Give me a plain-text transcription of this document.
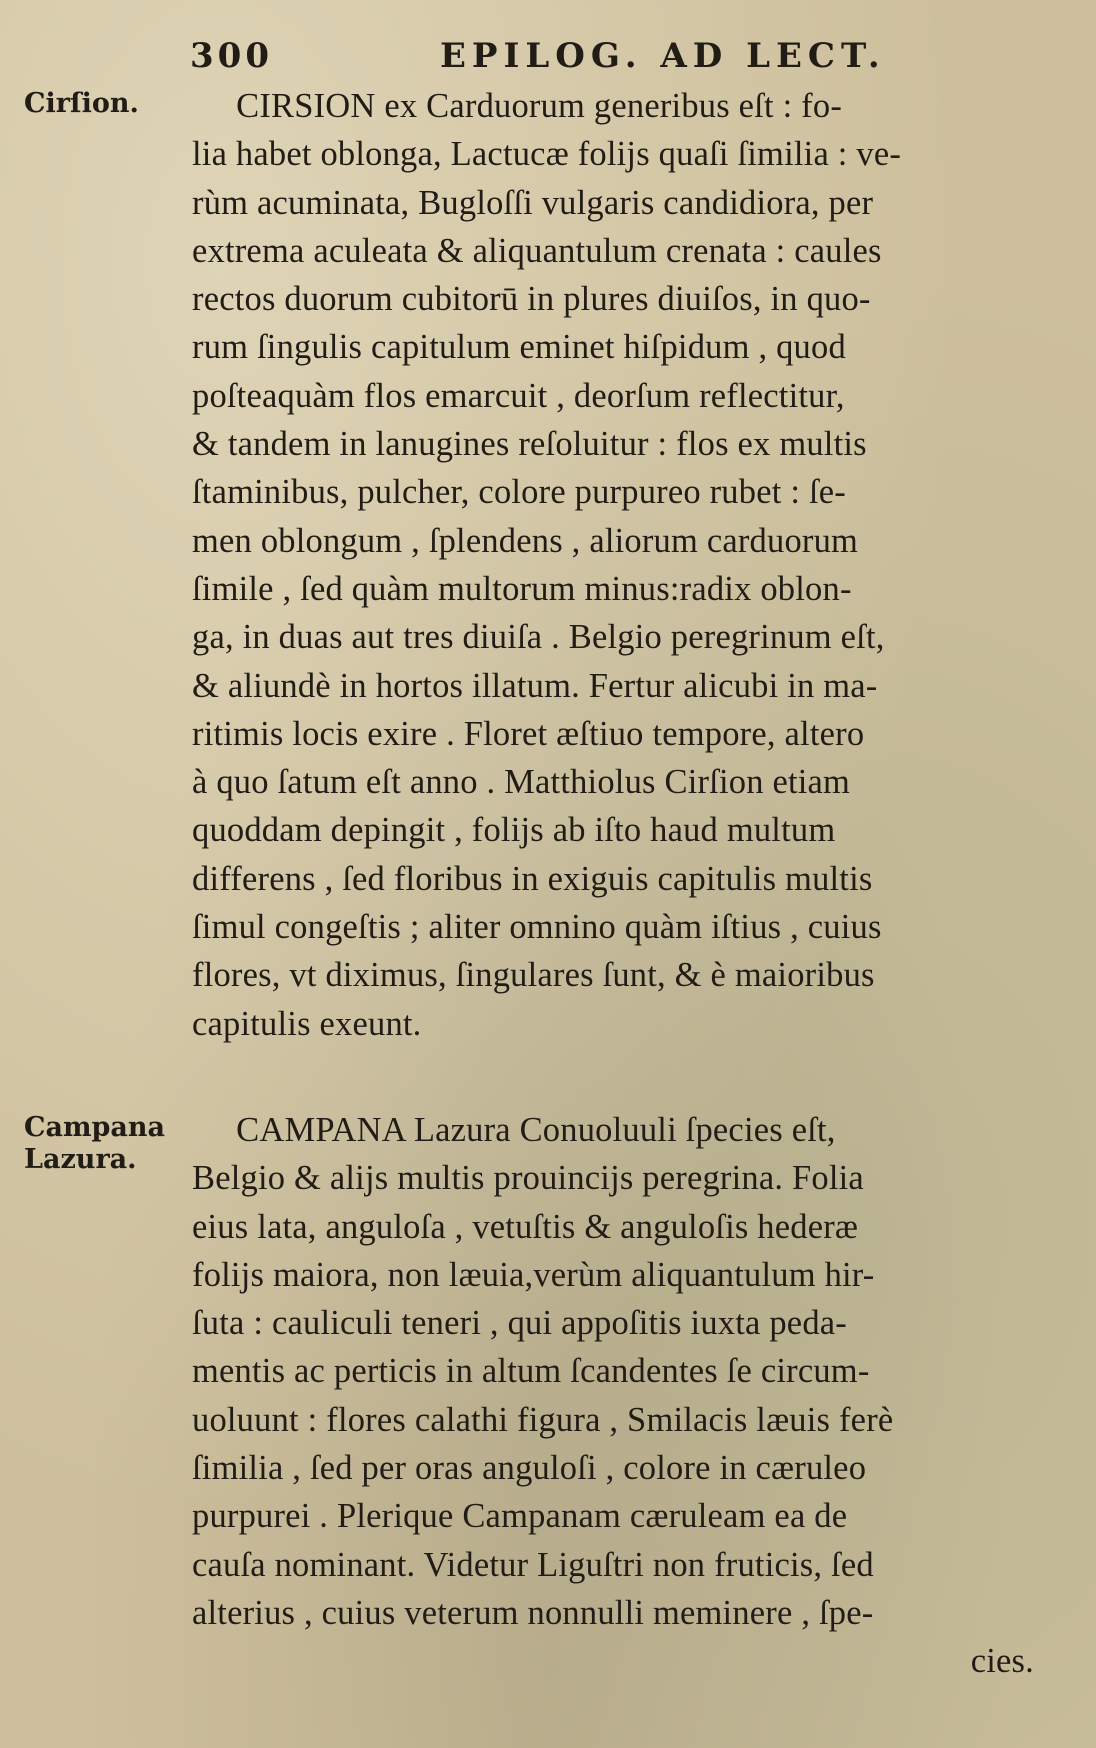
300	EPILOG. AD LECT.
Cirſion.	CIRSION ex Carduorum generibus eſt : fo-
lia habet oblonga, Lactucæ folijs quaſi ſimilia : ve-
rùm acuminata, Bugloſſi vulgaris candidiora, per
extrema aculeata & aliquantulum crenata : caules
rectos duorum cubitorū in plures diuiſos, in quo-
rum ſingulis capitulum eminet hiſpidum , quod
poſteaquàm flos emarcuit , deorſum reflectitur,
& tandem in lanugines reſoluitur : flos ex multis
ſtaminibus, pulcher, colore purpureo rubet : ſe-
men oblongum , ſplendens , aliorum carduorum
ſimile , ſed quàm multorum minus:radix oblon-
ga, in duas aut tres diuiſa . Belgio peregrinum eſt,
& aliundè in hortos illatum. Fertur alicubi in ma-
ritimis locis exire . Floret æſtiuo tempore, altero
à quo ſatum eſt anno . Matthiolus Cirſion etiam
quoddam depingit , folijs ab iſto haud multum
differens , ſed floribus in exiguis capitulis multis
ſimul congeſtis ; aliter omnino quàm iſtius , cuius
flores, vt diximus, ſingulares ſunt, & è maioribus
capitulis exeunt.
Campana
Lazura.
CAMPANA Lazura Conuoluuli ſpecies eſt,
Belgio & alijs multis prouincijs peregrina. Folia
eius lata, anguloſa , vetuſtis & anguloſis hederæ
folijs maiora, non læuia,verùm aliquantulum hir-
ſuta : cauliculi teneri , qui appoſitis iuxta peda-
mentis ac perticis in altum ſcandentes ſe circum-
uoluunt : flores calathi figura , Smilacis læuis ferè
ſimilia , ſed per oras anguloſi , colore in cæruleo
purpurei . Plerique Campanam cæruleam ea de
cauſa nominant. Videtur Liguſtri non fruticis, ſed
alterius , cuius veterum nonnulli meminere , ſpe-
cies.
